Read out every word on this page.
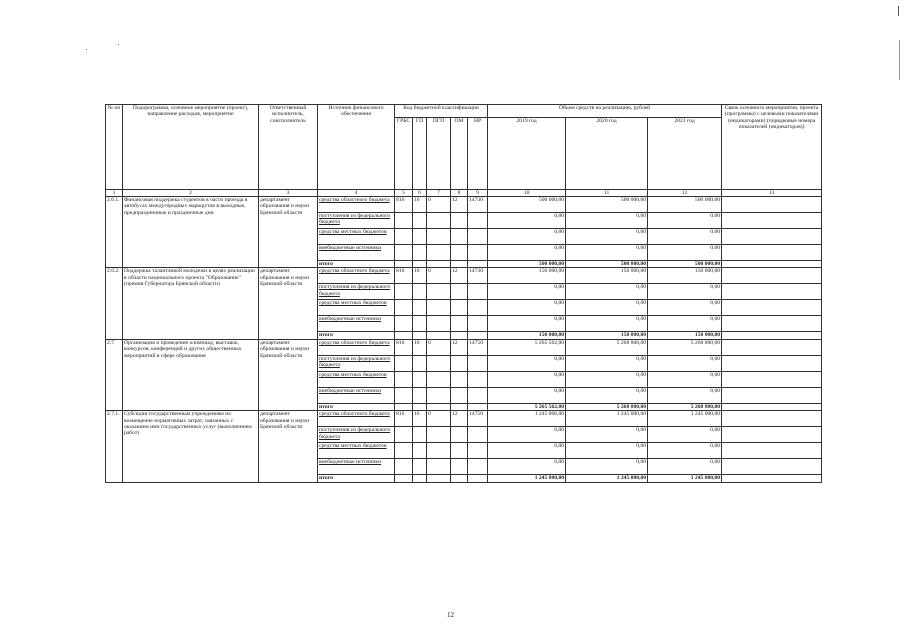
№ пп	Подпрограмма, основное мероприятие (проект), направление расходов, мероприятие	Ответственный исполнитель, соисполнитель	Источник финансового обеспечения	Код бюджетной классификации					Объем средств на реализацию, рублей			Связь основного мероприятия, проекта (программы) с целевыми показателями (индикаторами) (порядковые номера показателей (индикаторов))
				ГРБС	ГП	ПГП	ОМ	НР	2019 год	2020 год	2021 год	
1	2	3	4	5	6	7	8	9	10	11	12	13
2.6.1.	Финансовая поддержка студентов в части проезда в автобусах междугородных маршрутов в выходные, предпраздничные и праздничные дни	департамент образования и науки Брянской области	средства областного бюджета	816	16	0	12	14730	500 000,00	500 000,00	500 000,00	
			поступления из федерального бюджета						0,00	0,00	0,00	
			средства местных бюджетов						0,00	0,00	0,00	
			внебюджетные источники						0,00	0,00	0,00	
			итого						500 000,00	500 000,00	500 000,00	
2.6.2.	Поддержка талантливой молодежи в целях реализации в области национального проекта "Образование" (премия Губернатора Брянской области)	департамент образования и науки Брянской области	средства областного бюджета	816	16	0	12	14730	150 000,00	150 000,00	150 000,00	
			поступления из федерального бюджета						0,00	0,00	0,00	
			средства местных бюджетов						0,00	0,00	0,00	
			внебюджетные источники						0,00	0,00	0,00	
			итого						150 000,00	150 000,00	150 000,00	
2.7	Организация и проведение олимпиад, выставок, конкурсов, конференций и других общественных мероприятий в сфере образования	департамент образования и науки Брянской области	средства областного бюджета	816	16	0	12	14750	5 265 562,00	5 268 800,00	5 268 800,00	
			поступления из федерального бюджета						0,00	0,00	0,00	
			средства местных бюджетов						0,00	0,00	0,00	
			внебюджетные источники						0,00	0,00	0,00	
			итого						5 265 562,00	5 268 800,00	5 268 800,00	
2.7.1.	Субсидии государственным учреждениям на возмещение нормативных затрат, связанных с оказанием ими государственных услуг (выполнением работ)	департамент образования и науки Брянской области	средства областного бюджета	816	16	0	12	14750	1 245 000,00	1 245 000,00	1 245 000,00	
			поступления из федерального бюджета						0,00	0,00	0,00	
			средства местных бюджетов						0,00	0,00	0,00	
			внебюджетные источники						0,00	0,00	0,00	
			итого						1 245 000,00	1 245 000,00	1 245 000,00	
12
